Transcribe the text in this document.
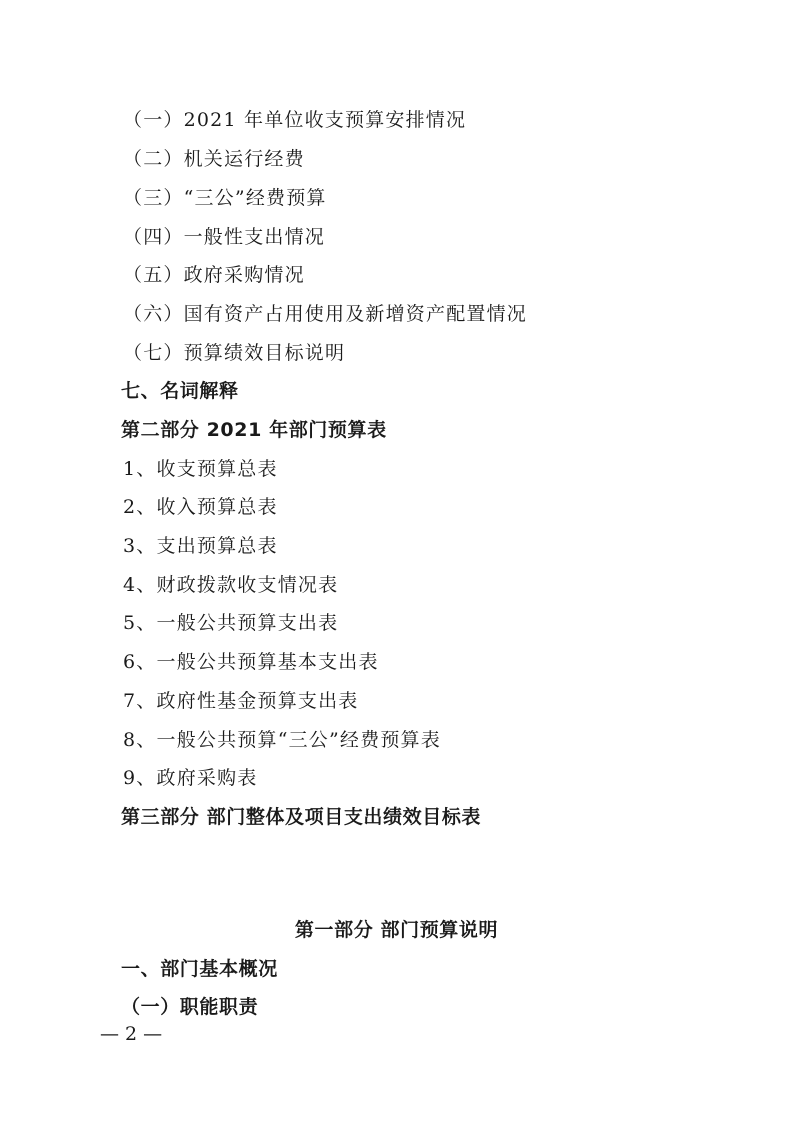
（一）2021 年单位收支预算安排情况
（二）机关运行经费
（三）“三公”经费预算
（四）一般性支出情况
（五）政府采购情况
（六）国有资产占用使用及新增资产配置情况
（七）预算绩效目标说明
七、名词解释
第二部分 2021 年部门预算表
1、收支预算总表
2、收入预算总表
3、支出预算总表
4、财政拨款收支情况表
5、一般公共预算支出表
6、一般公共预算基本支出表
7、政府性基金预算支出表
8、一般公共预算“三公”经费预算表
9、政府采购表
第三部分 部门整体及项目支出绩效目标表
第一部分 部门预算说明
一、部门基本概况
（一）职能职责
— 2 —
